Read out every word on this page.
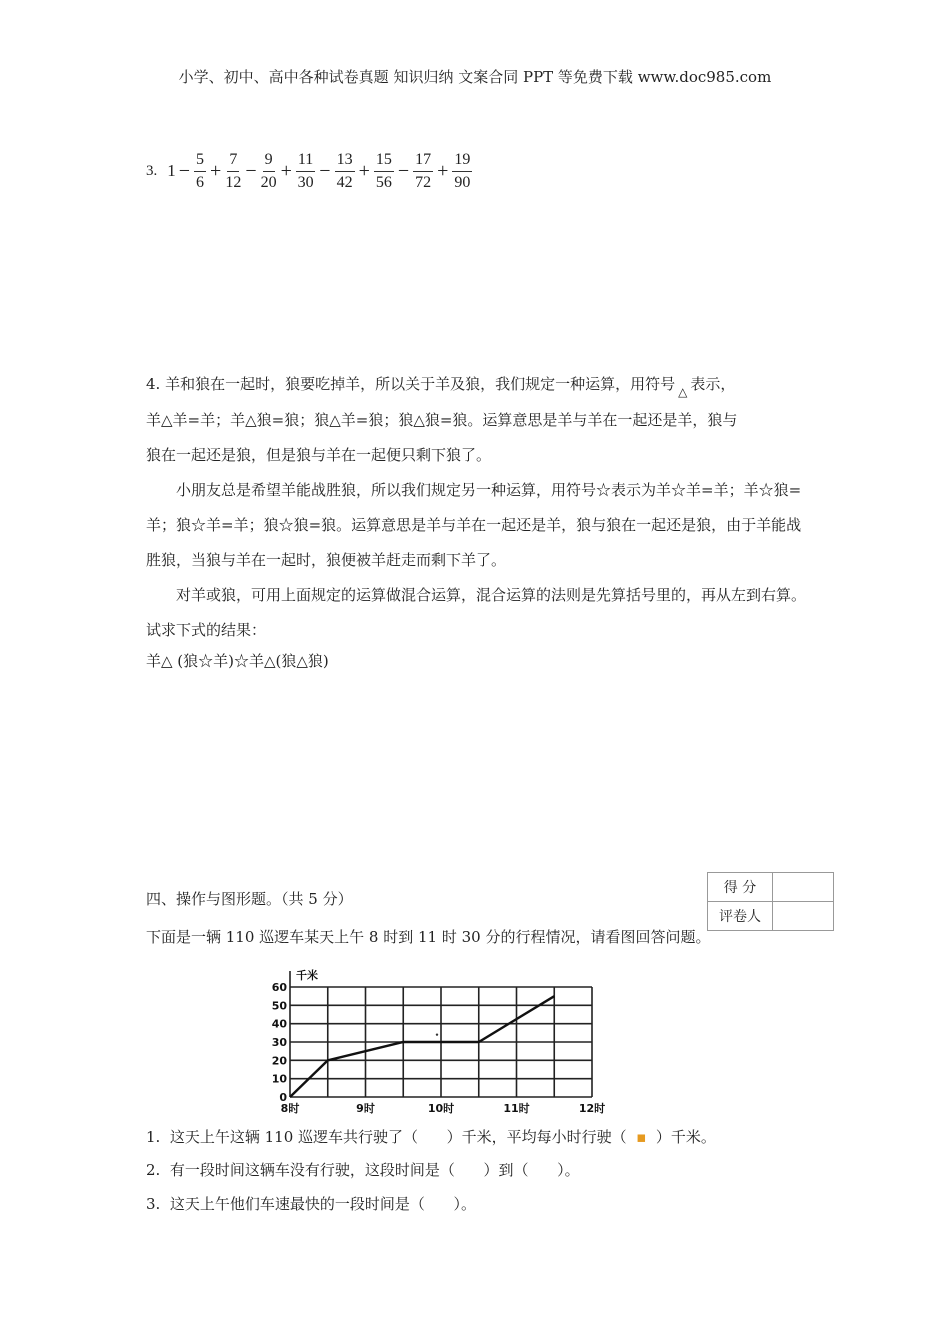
小学、初中、高中各种试卷真题 知识归纳 文案合同 PPT 等免费下载 www.doc985.com
3. $1 - \frac{5}{6} + \frac{7}{12} - \frac{9}{20} + \frac{11}{30} - \frac{13}{42} + \frac{15}{56} - \frac{17}{72} + \frac{19}{90}$

4. 羊和狼在一起时，狼要吃掉羊，所以关于羊及狼，我们规定一种运算，用符号 △ 表示，

羊△羊=羊；羊△狼=狼；狼△羊=狼；狼△狼=狼。运算意思是羊与羊在一起还是羊，狼与

狼在一起还是狼，但是狼与羊在一起便只剩下狼了。

小朋友总是希望羊能战胜狼，所以我们规定另一种运算，用符号☆表示为羊☆羊=羊；羊☆狼=羊；狼☆羊=羊；狼☆狼=狼。运算意思是羊与羊在一起还是羊，狼与狼在一起还是狼，由于羊能战胜狼，当狼与羊在一起时，狼便被羊赶走而剩下羊了。

对羊或狼，可用上面规定的运算做混合运算，混合运算的法则是先算括号里的，再从左到右算。试求下式的结果：

羊△ (狼☆羊)☆羊△(狼△狼)

四、操作与图形题。（共 5 分）
下面是一辆 110 巡逻车某天上午 8 时到 11 时 30 分的行程情况，请看图回答问题。
得 分	
评卷人	
千米
0
10
20
30
40
50
60
8时	9时	10时	11时	12时
1.  这天上午这辆 110 巡逻车共行驶了（      ）千米，平均每小时行驶（  ▪  ）千米。
2.  有一段时间这辆车没有行驶，这段时间是（      ）到（      ）。
3.  这天上午他们车速最快的一段时间是（      ）。
